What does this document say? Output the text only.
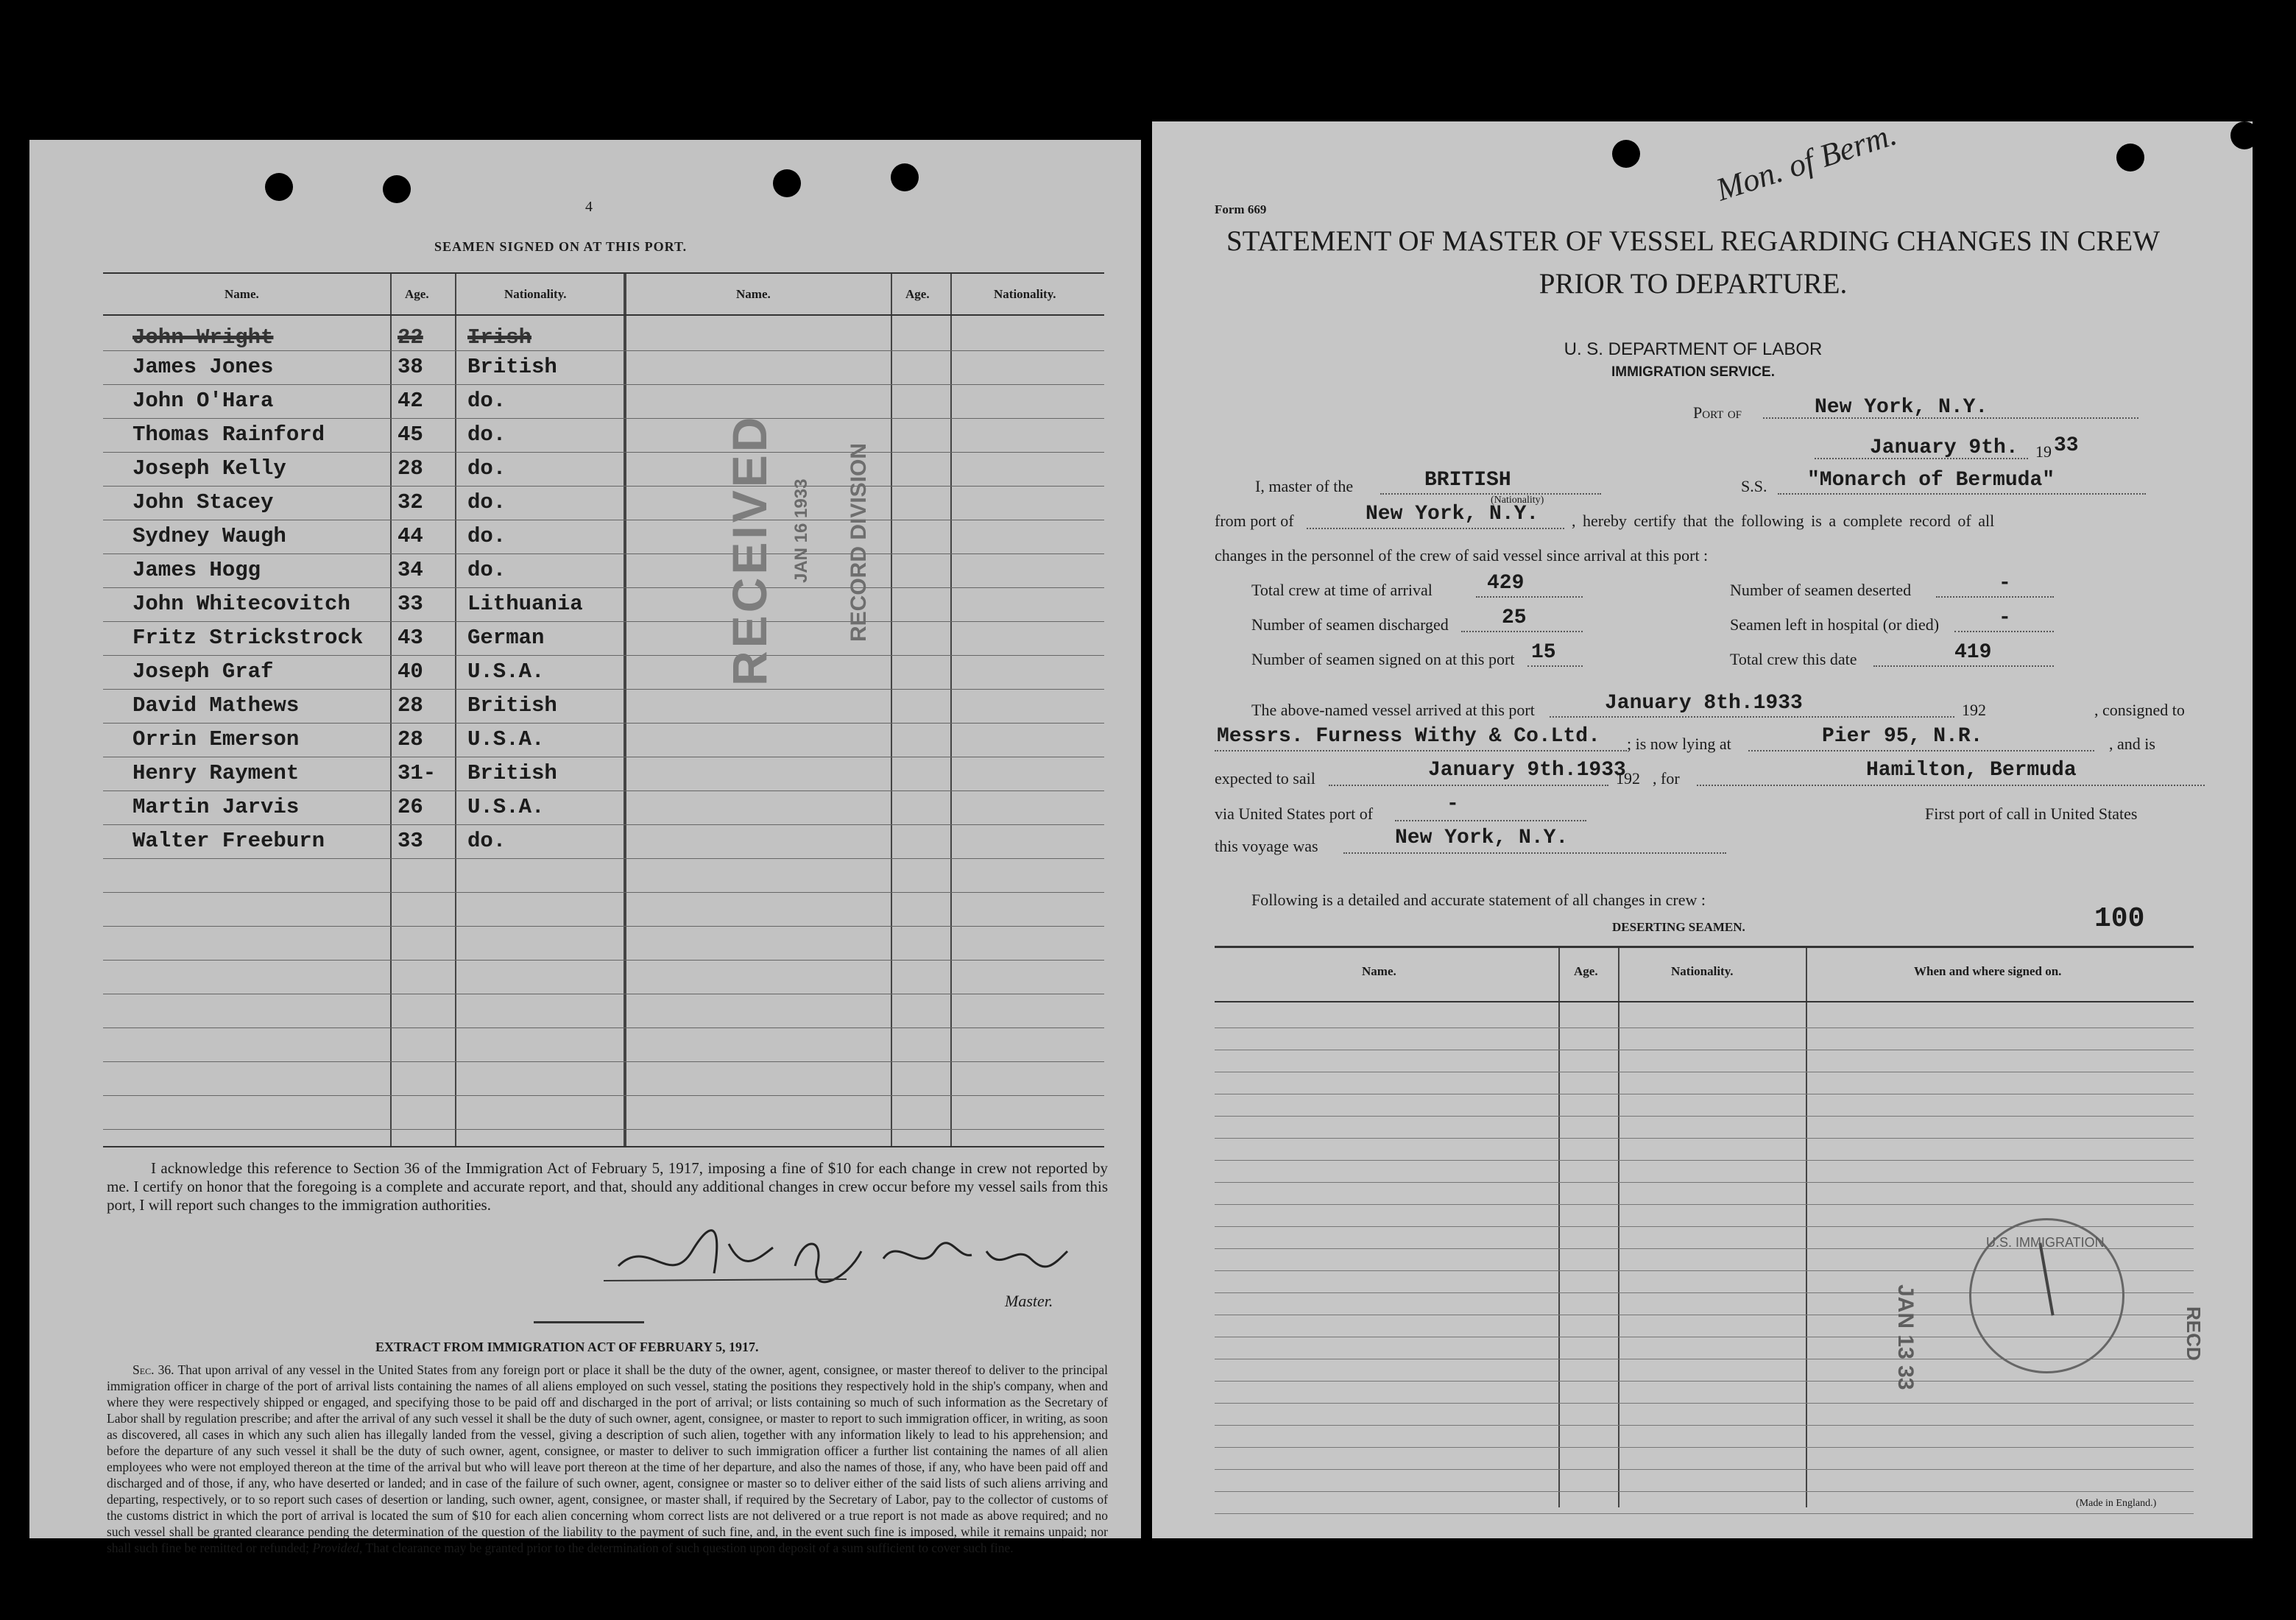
4
SEAMEN SIGNED ON AT THIS PORT.
Name.	Age.	Nationality.	Name.	Age.	Nationality.
John Wright	22 Irish
James Jones	38 British
John O'Hara	42 do.
Thomas Rainford	45 do.
Joseph Kelly	28 do.
John Stacey	32 do.
Sydney Waugh	44 do.
James Hogg	34 do.
John Whitecovitch 33 Lithuania
Fritz Strickstrock 43 German
Joseph Graf	40 U.S.A.
David Mathews	28 British
Orrin Emerson	28 U.S.A.
Henry Rayment	31- British
Martin Jarvis	26 U.S.A.
Walter Freeburn	33 do.
RECEIVED JAN 16 1933 RECORD DIVISION
I acknowledge this reference to Section 36 of the Immigration Act of February 5, 1917, imposing a fine of $10 for each change in crew not reported by me. I certify on honor that the foregoing is a complete and accurate report, and that, should any additional changes in crew occur before my vessel sails from this port, I will report such changes to the immigration authorities.
Master.
EXTRACT FROM IMMIGRATION ACT OF FEBRUARY 5, 1917.
Sec. 36. That upon arrival of any vessel in the United States from any foreign port or place it shall be the duty of the owner, agent, consignee, or master thereof to deliver to the principal immigration officer in charge of the port of arrival lists containing the names of all aliens employed on such vessel, stating the positions they respectively hold in the ship's company, when and where they were respectively shipped or engaged, and specifying those to be paid off and discharged in the port of arrival; or lists containing so much of such information as the Secretary of Labor shall by regulation prescribe; and after the arrival of any such vessel it shall be the duty of such owner, agent, consignee, or master to report to such immigration officer, in writing, as soon as discovered, all cases in which any such alien has illegally landed from the vessel, giving a description of such alien, together with any information likely to lead to his apprehension; and before the departure of any such vessel it shall be the duty of such owner, agent, consignee, or master to deliver to such immigration officer a further list containing the names of all alien employees who were not employed thereon at the time of the arrival but who will leave port thereon at the time of her departure, and also the names of those, if any, who have been paid off and discharged and of those, if any, who have deserted or landed; and in case of the failure of such owner, agent, consignee or master so to deliver either of the said lists of such aliens arriving and departing, respectively, or to so report such cases of desertion or landing, such owner, agent, consignee, or master shall, if required by the Secretary of Labor, pay to the collector of customs of the customs district in which the port of arrival is located the sum of $10 for each alien concerning whom correct lists are not delivered or a true report is not made as above required; and no such vessel shall be granted clearance pending the determination of the question of the liability to the payment of such fine, and, in the event such fine is imposed, while it remains unpaid; nor shall such fine be remitted or refunded; Provided, That clearance may be granted prior to the determination of such question upon deposit of a sum sufficient to cover such fine.
Form 669
Mon. of Berm.
STATEMENT OF MASTER OF VESSEL REGARDING CHANGES IN CREW
PRIOR TO DEPARTURE.
U. S. DEPARTMENT OF LABOR
IMMIGRATION SERVICE.
Port of	New York, N.Y.
January 9th. 19 33
I, master of the	BRITISH
(Nationality)
S.S. "Monarch of Bermuda"
from port of	New York, N.Y. , hereby certify that the following is a complete record of all
changes in the personnel of the crew of said vessel since arrival at this port :
Total crew at time of arrival	429
Number of seamen discharged	25
Number of seamen signed on at this port 15
Number of seamen deserted	-
Seamen left in hospital (or died)	-
Total crew this date	419
The above-named vessel arrived at this port	January 8th.1933	192	, consigned to
Messrs. Furness Withy & Co.Ltd. ; is now lying at	Pier 95, N.R.	, and is
expected to sail	January 9th.1933
192 , for	Hamilton, Bermuda
via United States port of	-	First port of call in United States
this voyage was	New York, N.Y.
Following is a detailed and accurate statement of all changes in crew :
DESERTING SEAMEN.	100
Name.	Age.	Nationality.	When and where signed on.
JAN 13 33
U.S. IMMIGRATION
RECD
(Made in England.)
